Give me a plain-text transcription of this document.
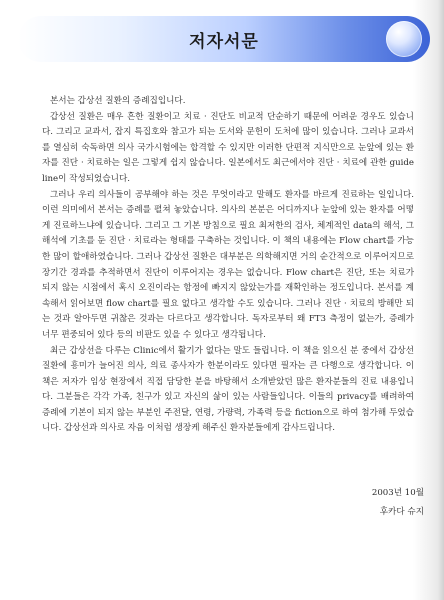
저자서문

본서는 갑상선 질환의 증례집입니다.

갑상선 질환은 매우 흔한 질환이고 치료 · 진단도 비교적 단순하기 때문에 어려운 경우도 있습니다. 그리고 교과서, 잡지 특집호와 참고가 되는 도서와 문헌이 도처에 많이 있습니다. 그러나 교과서를 열심히 숙독하면 의사 국가시험에는 합격할 수 있지만 이러한 단편적 지식만으로 눈앞에 있는 환자를 진단 · 치료하는 일은 그렇게 쉽지 않습니다. 일본에서도 최근에서야 진단 · 치료에 관한 guide line이 작성되었습니다.

그러나 우리 의사들이 공부해야 하는 것은 무엇이라고 말해도 환자를 바르게 진료하는 일입니다. 이런 의미에서 본서는 증례를 펼쳐 놓았습니다. 의사의 본분은 어디까지나 눈앞에 있는 환자를 어떻게 진료하느냐에 있습니다. 그리고 그 기본 방침으로 필요 최저한의 검사, 체계적인 data의 해석, 그 해석에 기초를 둔 진단 · 치료라는 형태를 구축하는 것입니다. 이 책의 내용에는 Flow chart를 가능한 많이 할애하였습니다. 그러나 갑상선 질환은 대부분은 의학해지면 거의 순간적으로 이루어지므로 장기간 경과를 추적하면서 진단이 이루어지는 경우는 없습니다. Flow chart은 진단, 또는 치료가 되지 않는 시점에서 혹시 오진이라는 함정에 빠지지 않았는가를 재확인하는 정도입니다. 본서를 계속해서 읽어보면 flow chart를 필요 없다고 생각할 수도 있습니다. 그러나 진단 · 치료의 방해만 되는 것과 알아두면 귀찮은 것과는 다르다고 생각합니다. 독자로부터 왜 FT3 측정이 없는가, 증례가 너무 편중되어 있다 등의 비판도 있을 수 있다고 생각됩니다.

최근 갑상선을 다루는 Clinic에서 활기가 없다는 말도 들립니다. 이 책을 읽으신 분 중에서 갑상선 질환에 흥미가 늘어진 의사, 의료 종사자가 한분이라도 있다면 필자는 큰 다행으로 생각합니다. 이 책은 저자가 임상 현장에서 직접 담당한 분을 바탕해서 소개받았던 많은 환자분들의 진료 내용입니다. 그분들은 각각 가족, 친구가 있고 자신의 삶이 있는 사람들입니다. 이들의 privacy를 배려하여 증례에 기본이 되지 않는 부분인 주전달, 연령, 가량력, 가족력 등을 fiction으로 하여 첨가해 두었습니다. 갑상선과 의사로 자음 이처럼 생장케 해주신 환자분들에게 감사드립니다.

2003년 10월
후카다 슈지
